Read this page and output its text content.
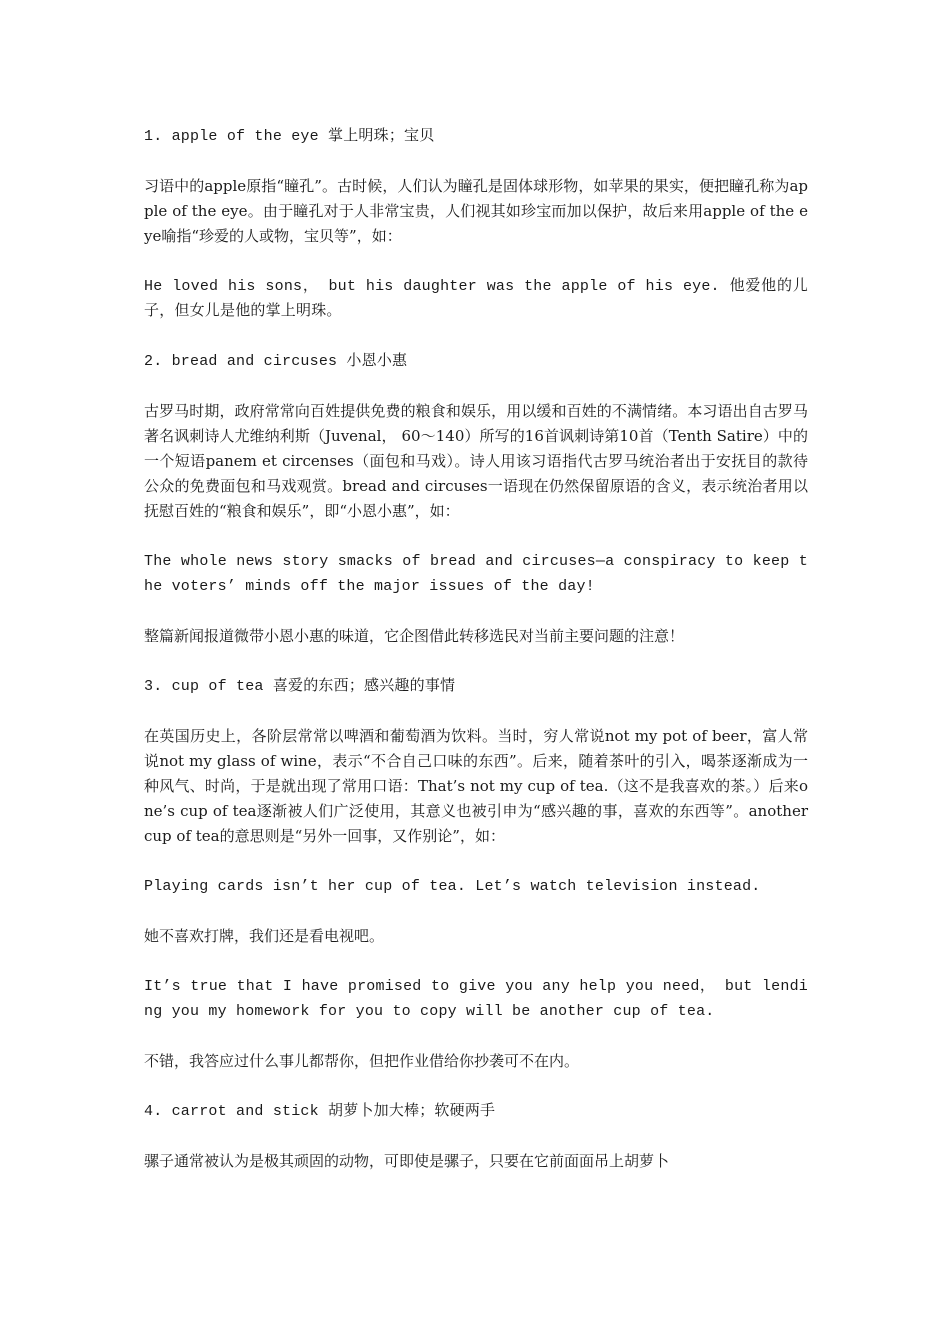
1. apple of the eye 掌上明珠；宝贝

习语中的apple原指“瞳孔”。古时候，人们认为瞳孔是固体球形物，如苹果的果实，便把瞳孔称为apple of the eye。由于瞳孔对于人非常宝贵，人们视其如珍宝而加以保护，故后来用apple of the eye喻指“珍爱的人或物，宝贝等”，如：

He loved his sons， but his daughter was the apple of his eye. 他爱他的儿子，但女儿是他的掌上明珠。

2. bread and circuses 小恩小惠

古罗马时期，政府常常向百姓提供免费的粮食和娱乐，用以缓和百姓的不满情绪。本习语出自古罗马著名讽刺诗人尤维纳利斯（Juvenal， 60～140）所写的16首讽刺诗第10首（Tenth Satire）中的一个短语panem et circenses（面包和马戏）。诗人用该习语指代古罗马统治者出于安抚目的款待公众的免费面包和马戏观赏。bread and circuses一语现在仍然保留原语的含义，表示统治者用以抚慰百姓的“粮食和娱乐”，即“小恩小惠”，如：

The whole news story smacks of bread and circuses—a conspiracy to keep the voters’ minds off the major issues of the day!

整篇新闻报道微带小恩小惠的味道，它企图借此转移选民对当前主要问题的注意！

3. cup of tea 喜爱的东西；感兴趣的事情

在英国历史上，各阶层常常以啤酒和葡萄酒为饮料。当时，穷人常说not my pot of beer，富人常说not my glass of wine，表示“不合自己口味的东西”。后来，随着茶叶的引入，喝茶逐渐成为一种风气、时尚，于是就出现了常用口语：That’s not my cup of tea.（这不是我喜欢的茶。）后来one’s cup of tea逐渐被人们广泛使用，其意义也被引申为“感兴趣的事，喜欢的东西等”。another cup of tea的意思则是“另外一回事，又作别论”，如：

Playing cards isn’t her cup of tea. Let’s watch television instead.

她不喜欢打牌，我们还是看电视吧。

It’s true that I have promised to give you any help you need， but lending you my homework for you to copy will be another cup of tea.

不错，我答应过什么事儿都帮你，但把作业借给你抄袭可不在内。

4. carrot and stick 胡萝卜加大棒；软硬两手

骡子通常被认为是极其顽固的动物，可即使是骡子，只要在它前面面吊上胡萝卜
